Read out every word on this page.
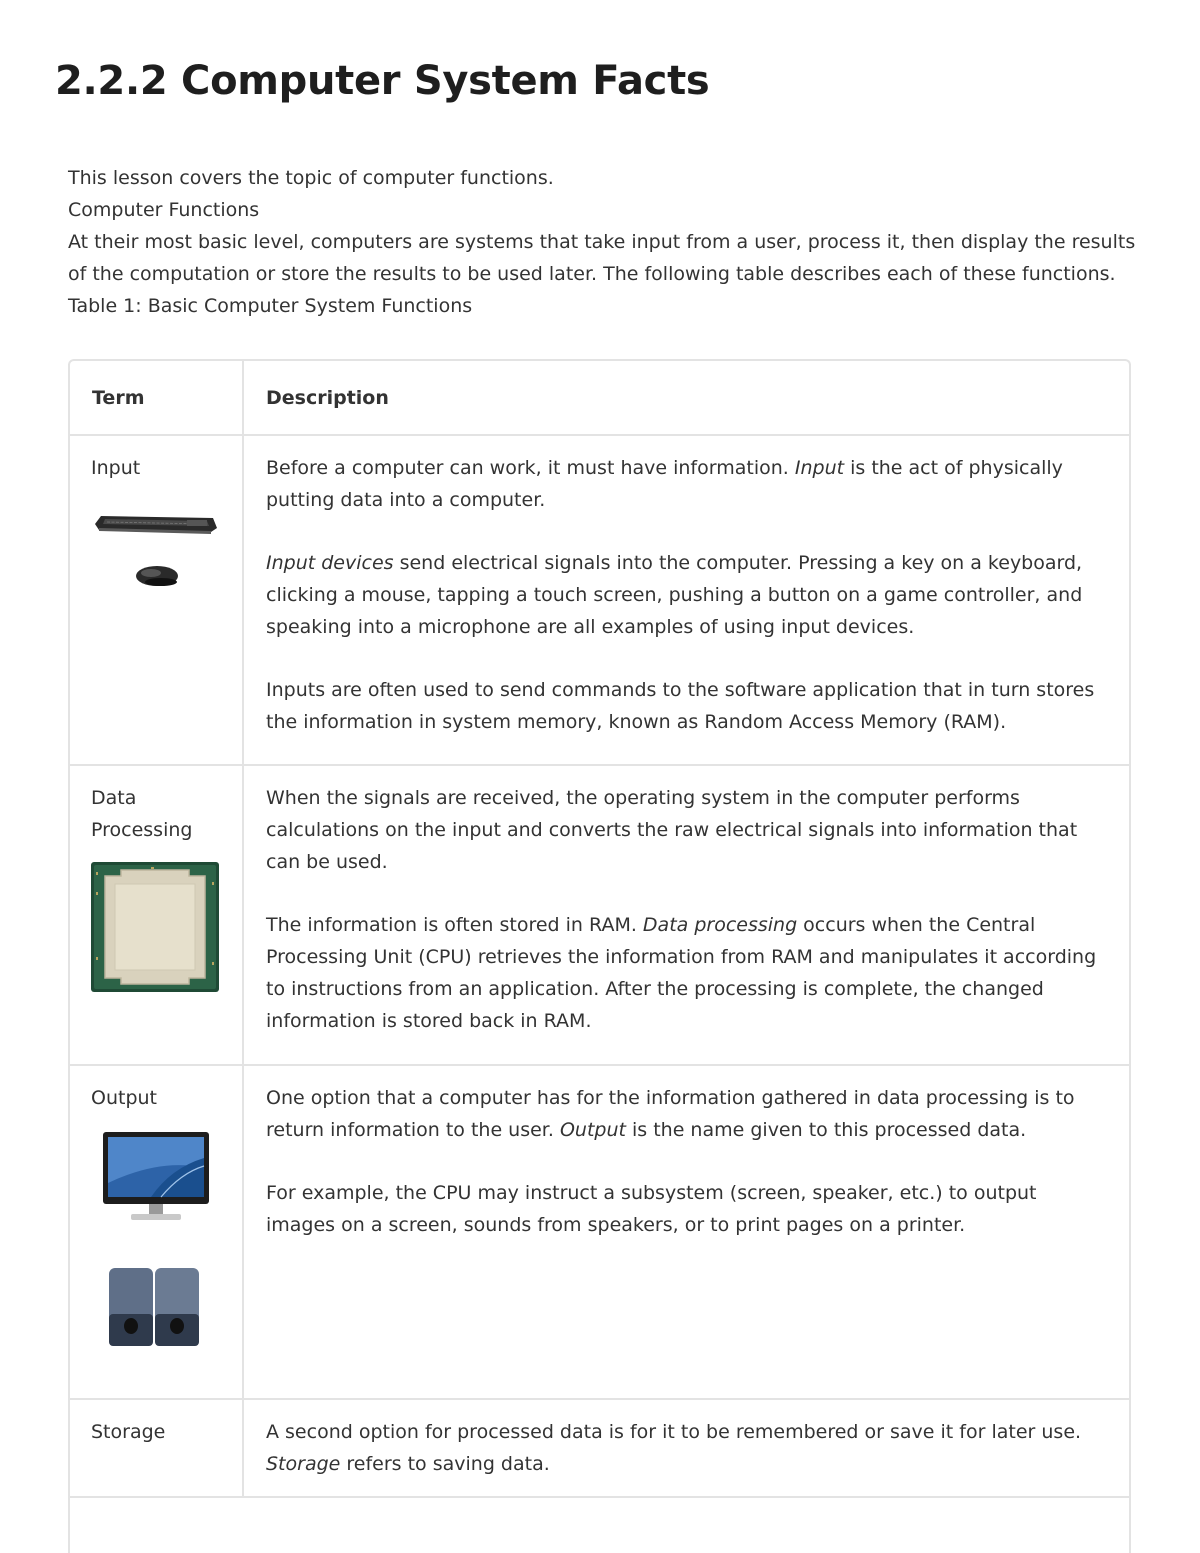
2.2.2 Computer System Facts

This lesson covers the topic of computer functions.

Computer Functions

At their most basic level, computers are systems that take input from a user, process it, then display the results of the computation or store the results to be used later. The following table describes each of these functions.

Table 1: Basic Computer System Functions

Term	Description

Input	Before a computer can work, it must have information. Input is the act of physically putting data into a computer.

Input devices send electrical signals into the computer. Pressing a key on a keyboard, clicking a mouse, tapping a touch screen, pushing a button on a game controller, and speaking into a microphone are all examples of using input devices.

Inputs are often used to send commands to the software application that in turn stores the information in system memory, known as Random Access Memory (RAM).

Data Processing	When the signals are received, the operating system in the computer performs calculations on the input and converts the raw electrical signals into information that can be used.

The information is often stored in RAM. Data processing occurs when the Central Processing Unit (CPU) retrieves the information from RAM and manipulates it according to instructions from an application. After the processing is complete, the changed information is stored back in RAM.

Output	One option that a computer has for the information gathered in data processing is to return information to the user. Output is the name given to this processed data.

For example, the CPU may instruct a subsystem (screen, speaker, etc.) to output images on a screen, sounds from speakers, or to print pages on a printer.

Storage	A second option for processed data is for it to be remembered or save it for later use. Storage refers to saving data.
